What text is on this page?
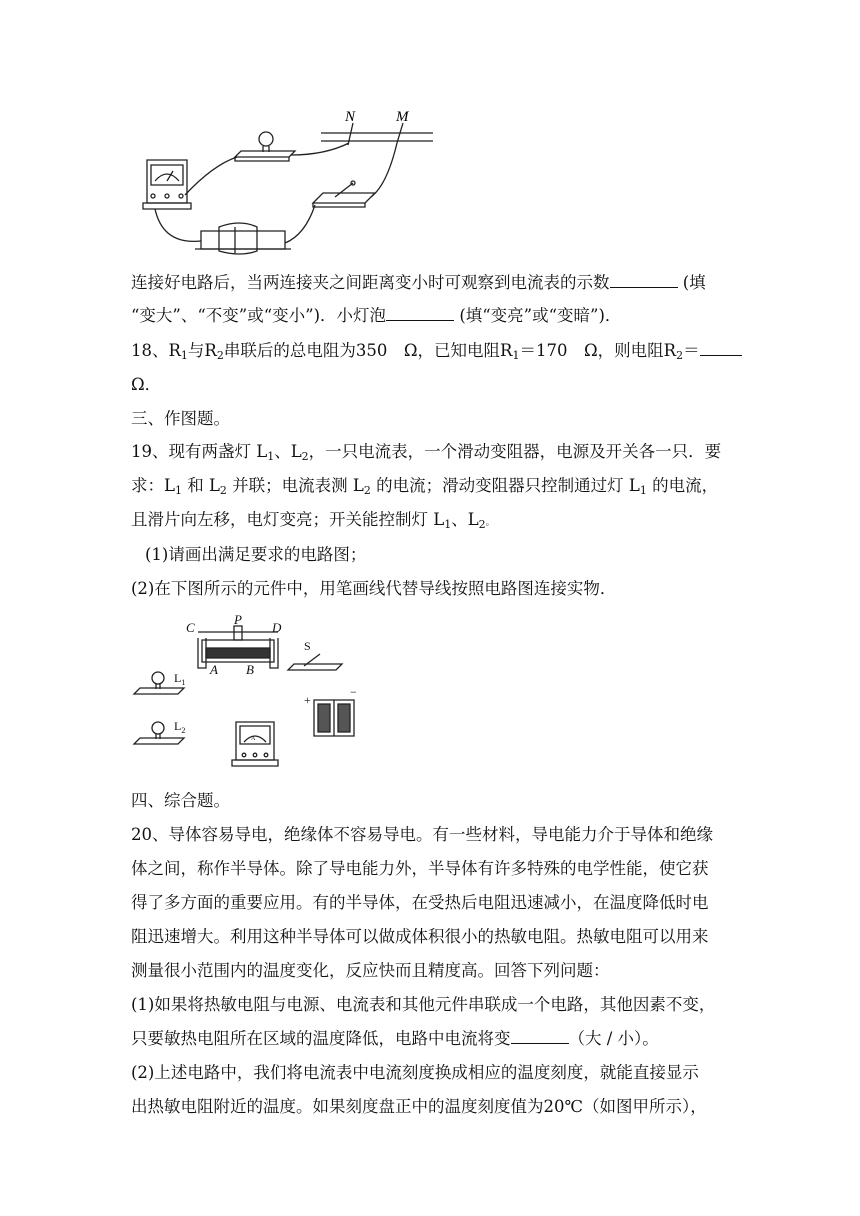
N	M
连接好电路后，当两连接夹之间距离变小时可观察到电流表的示数	(填
“变大”、“不变”或“变小”)．小灯泡	(填“变亮”或“变暗”)．
18、$R_1$与$R_2$串联后的总电阻为350　Ω，已知电阻$R_1=170$　Ω，则电阻$R_2=$
Ω．
三、作图题。
19、现有两盏灯 $L_1$、$L_2$，一只电流表，一个滑动变阻器，电源及开关各一只．要
求：$L_1$ 和 $L_2$ 并联；电流表测 $L_2$ 的电流；滑动变阻器只控制通过灯 $L_1$ 的电流，
且滑片向左移，电灯变亮；开关能控制灯 $L_1$、$L_2$。
(1)请画出满足要求的电路图；
(2)在下图所示的元件中，用笔画线代替导线按照电路图连接实物．
C
P
D
A B
S
$L_1$
$L_2$
+
−
A
四、综合题。
20、导体容易导电，绝缘体不容易导电。有一些材料，导电能力介于导体和绝缘
体之间，称作半导体。除了导电能力外，半导体有许多特殊的电学性能，使它获
得了多方面的重要应用。有的半导体，在受热后电阻迅速减小，在温度降低时电
阻迅速增大。利用这种半导体可以做成体积很小的热敏电阻。热敏电阻可以用来
测量很小范围内的温度变化，反应快而且精度高。回答下列问题：
(1)如果将热敏电阻与电源、电流表和其他元件串联成一个电路，其他因素不变，
只要敏热电阻所在区域的温度降低，电路中电流将变	（大 / 小）。
(2)上述电路中，我们将电流表中电流刻度换成相应的温度刻度，就能直接显示
出热敏电阻附近的温度。如果刻度盘正中的温度刻度值为20℃（如图甲所示），
